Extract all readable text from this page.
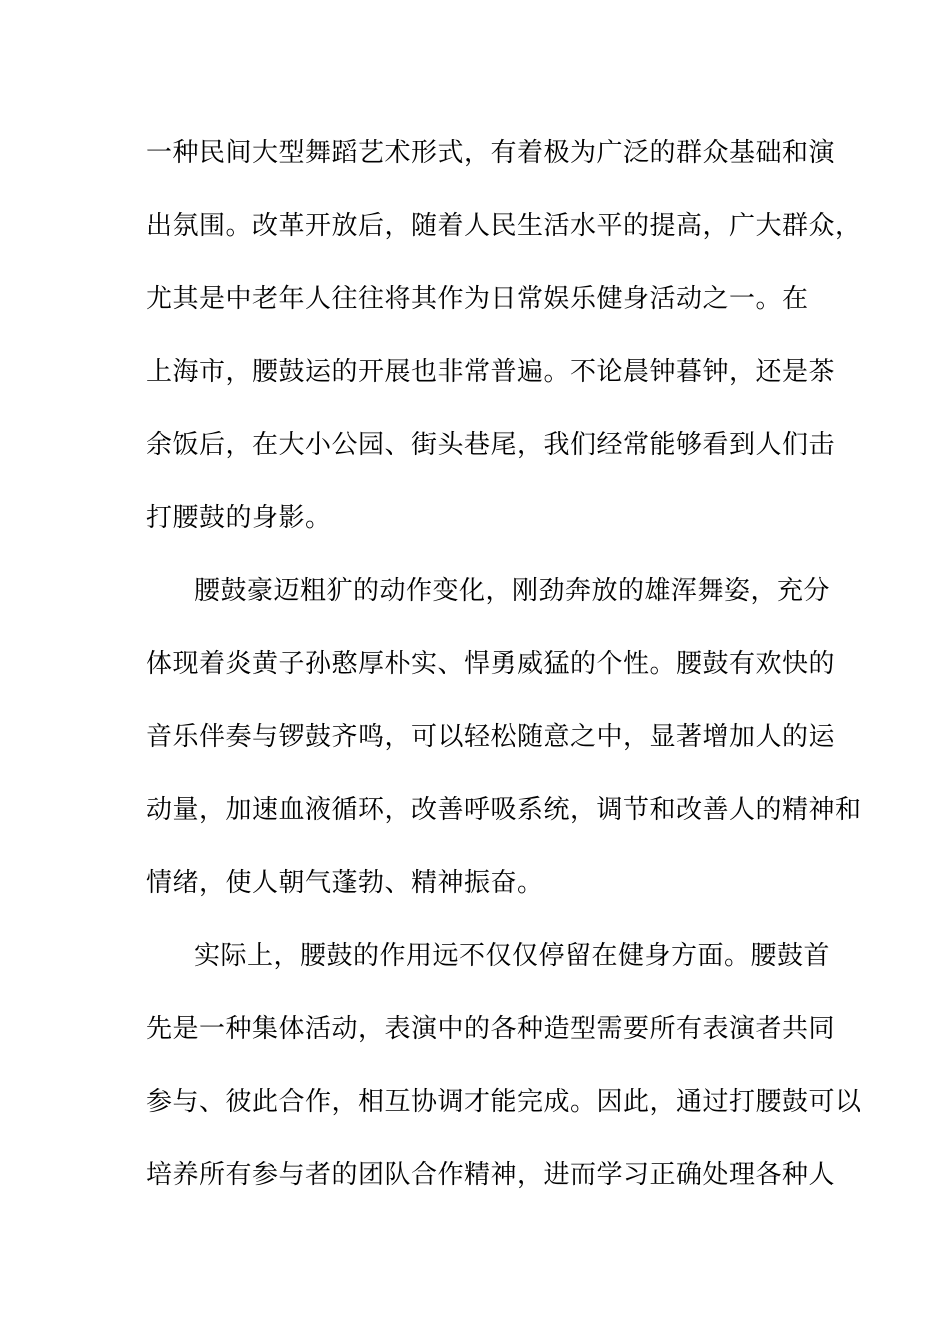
一种民间大型舞蹈艺术形式，有着极为广泛的群众基础和演
出氛围。改革开放后，随着人民生活水平的提高，广大群众，
尤其是中老年人往往将其作为日常娱乐健身活动之一。在
上海市，腰鼓运的开展也非常普遍。不论晨钟暮钟，还是茶
余饭后，在大小公园、街头巷尾，我们经常能够看到人们击
打腰鼓的身影。
腰鼓豪迈粗犷的动作变化，刚劲奔放的雄浑舞姿，充分
体现着炎黄子孙憨厚朴实、悍勇威猛的个性。腰鼓有欢快的
音乐伴奏与锣鼓齐鸣，可以轻松随意之中，显著增加人的运
动量，加速血液循环，改善呼吸系统，调节和改善人的精神和
情绪，使人朝气蓬勃、精神振奋。
实际上，腰鼓的作用远不仅仅停留在健身方面。腰鼓首
先是一种集体活动，表演中的各种造型需要所有表演者共同
参与、彼此合作，相互协调才能完成。因此，通过打腰鼓可以
培养所有参与者的团队合作精神，进而学习正确处理各种人
